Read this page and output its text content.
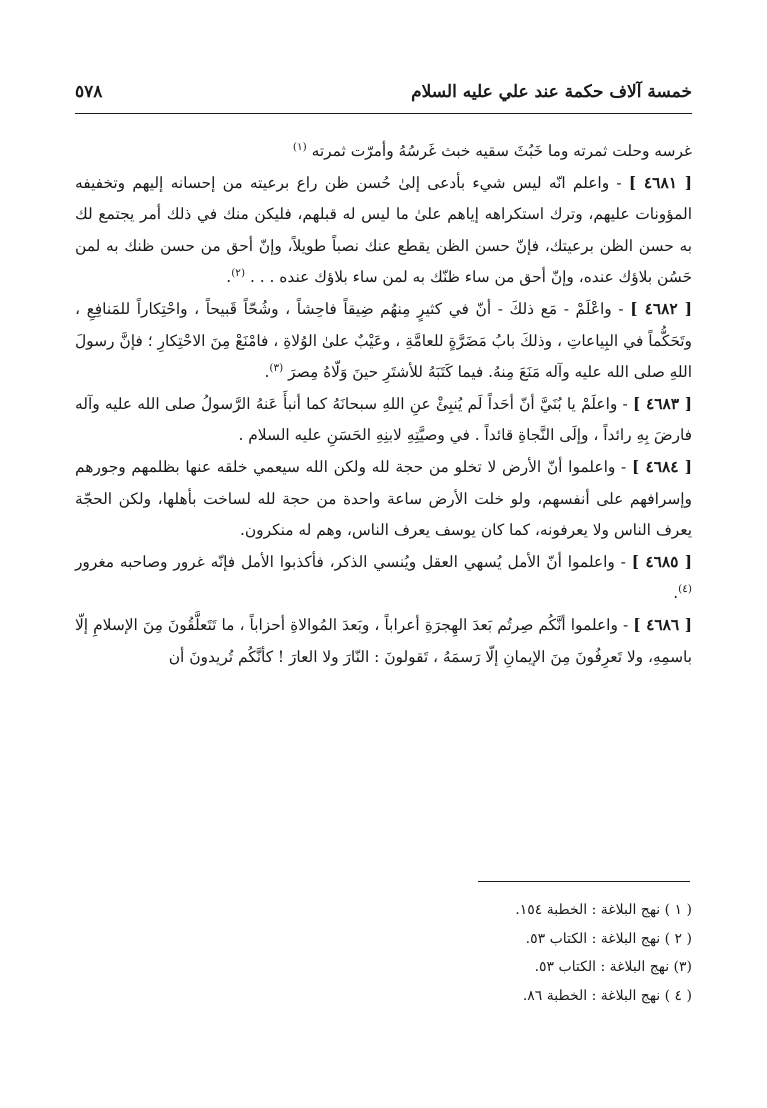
خمسة آلاف حكمة عند علي عليه السلام
٥٧٨

غرسه وحلت ثمرته وما خَبُثَ سقيه خبث غَرسُهُ وأمرّت ثمرته $^{(١)}$

[ ٤٦٨١ ] - واعلم انّه ليس شيء بأدعى إلىٰ حُسن ظن راع برعيته من إحسانه إليهم وتخفيفه المؤونات عليهم، وترك استكراهه إياهم علىٰ ما ليس له قبلهم، فليكن منك في ذلك أمر يجتمع لك به حسن الظن برعيتك، فإنّ حسن الظن يقطع عنك نصباً طويلاً، وإنّ أحق من حسن ظنك به لمن حَسُن بلاؤك عنده، وإنّ أحق من ساء ظنّك به لمن ساء بلاؤك عنده . . . $^{(٢)}$.

[ ٤٦٨٢ ] - واعْلَمْ - مَع ذلكَ - أنّ في كثيرٍ مِنهُم ضِيقاً فاحِشاً ، وشُحّاً قَبيحاً ، واحْتِكاراً للمَنافِعِ ، وتَحَكُّماً في البِياعاتِ ، وذلكَ بابُ مَضَرَّةٍ للعامَّةِ ، وعَيْبٌ علىٰ الوُلاةِ ، فامْنَعْ مِنَ الاحْتِكارِ ؛ فإنَّ رسولَ اللهِ صلى الله عليه وآله مَنَعَ مِنهُ. فيما كَتَبَهُ للأشتَرِ حينَ وَلّاهُ مِصرَ $^{(٣)}$.

[ ٤٦٨٣ ] - واعلَمْ يا بُنَيَّ أنّ أحَداً لَم يُنبِئْ عنِ اللهِ سبحانَهُ كما أنبأَ عَنهُ الرَّسولُ صلى الله عليه وآله فارضَ بِهِ رائداً ، وإلَى النَّجاةِ قائداً . في وصيَّتِهِ لابنِهِ الحَسَنِ عليه السلام .

[ ٤٦٨٤ ] - واعلموا أنّ الأرض لا تخلو من حجة لله ولكن الله سيعمي خلقه عنها بظلمهم وجورهم وإسرافهم على أنفسهم، ولو خلت الأرض ساعة واحدة من حجة لله لساخت بأهلها، ولكن الحجّة يعرف الناس ولا يعرفونه، كما كان يوسف يعرف الناس، وهم له منكرون.

[ ٤٦٨٥ ] - واعلموا أنّ الأمل يُسهي العقل ويُنسي الذكر، فأكذبوا الأمل فإنّه غرور وصاحبه مغرور $^{(٤)}$.

[ ٤٦٨٦ ] - واعلموا أنَّكُم صِرتُم بَعدَ الهِجرَةِ أعراباً ، وبَعدَ المُوالاةِ أحزاباً ، ما تَتَعلَّقُونَ مِنَ الإسلامِ إلّا باسمِهِ، ولا تَعرِفُونَ مِنَ الإيمانِ إلّا رَسمَهُ ، تَقولونَ : النّارَ ولا العارَ ! كأنَّكُم تُريدونَ أن

( ١ ) نهج البلاغة : الخطبة ١٥٤.
( ٢ ) نهج البلاغة : الكتاب ٥٣.
(٣) نهج البلاغة : الكتاب ٥٣.
( ٤ ) نهج البلاغة : الخطبة ٨٦.
